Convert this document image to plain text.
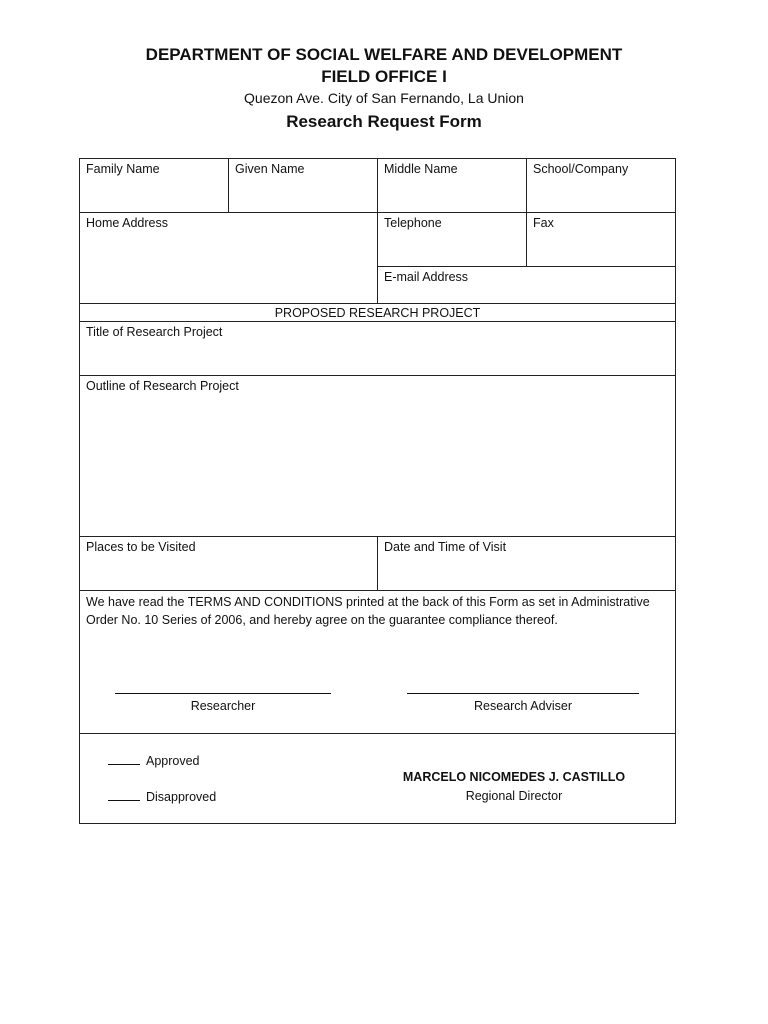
DEPARTMENT OF SOCIAL WELFARE AND DEVELOPMENT
FIELD OFFICE I
Quezon Ave. City of San Fernando, La Union
Research Request Form
Family Name	Given Name	Middle Name	School/Company
Home Address	Telephone	Fax
E-mail Address
PROPOSED RESEARCH PROJECT
Title of Research Project
Outline of Research Project
Places to be Visited	Date and Time of Visit
We have read the TERMS AND CONDITIONS printed at the back of this Form as set in Administrative Order No. 10 Series of 2006, and hereby agree on the guarantee compliance thereof.
Researcher	Research Adviser
Approved
Disapproved
MARCELO NICOMEDES J. CASTILLO
Regional Director
